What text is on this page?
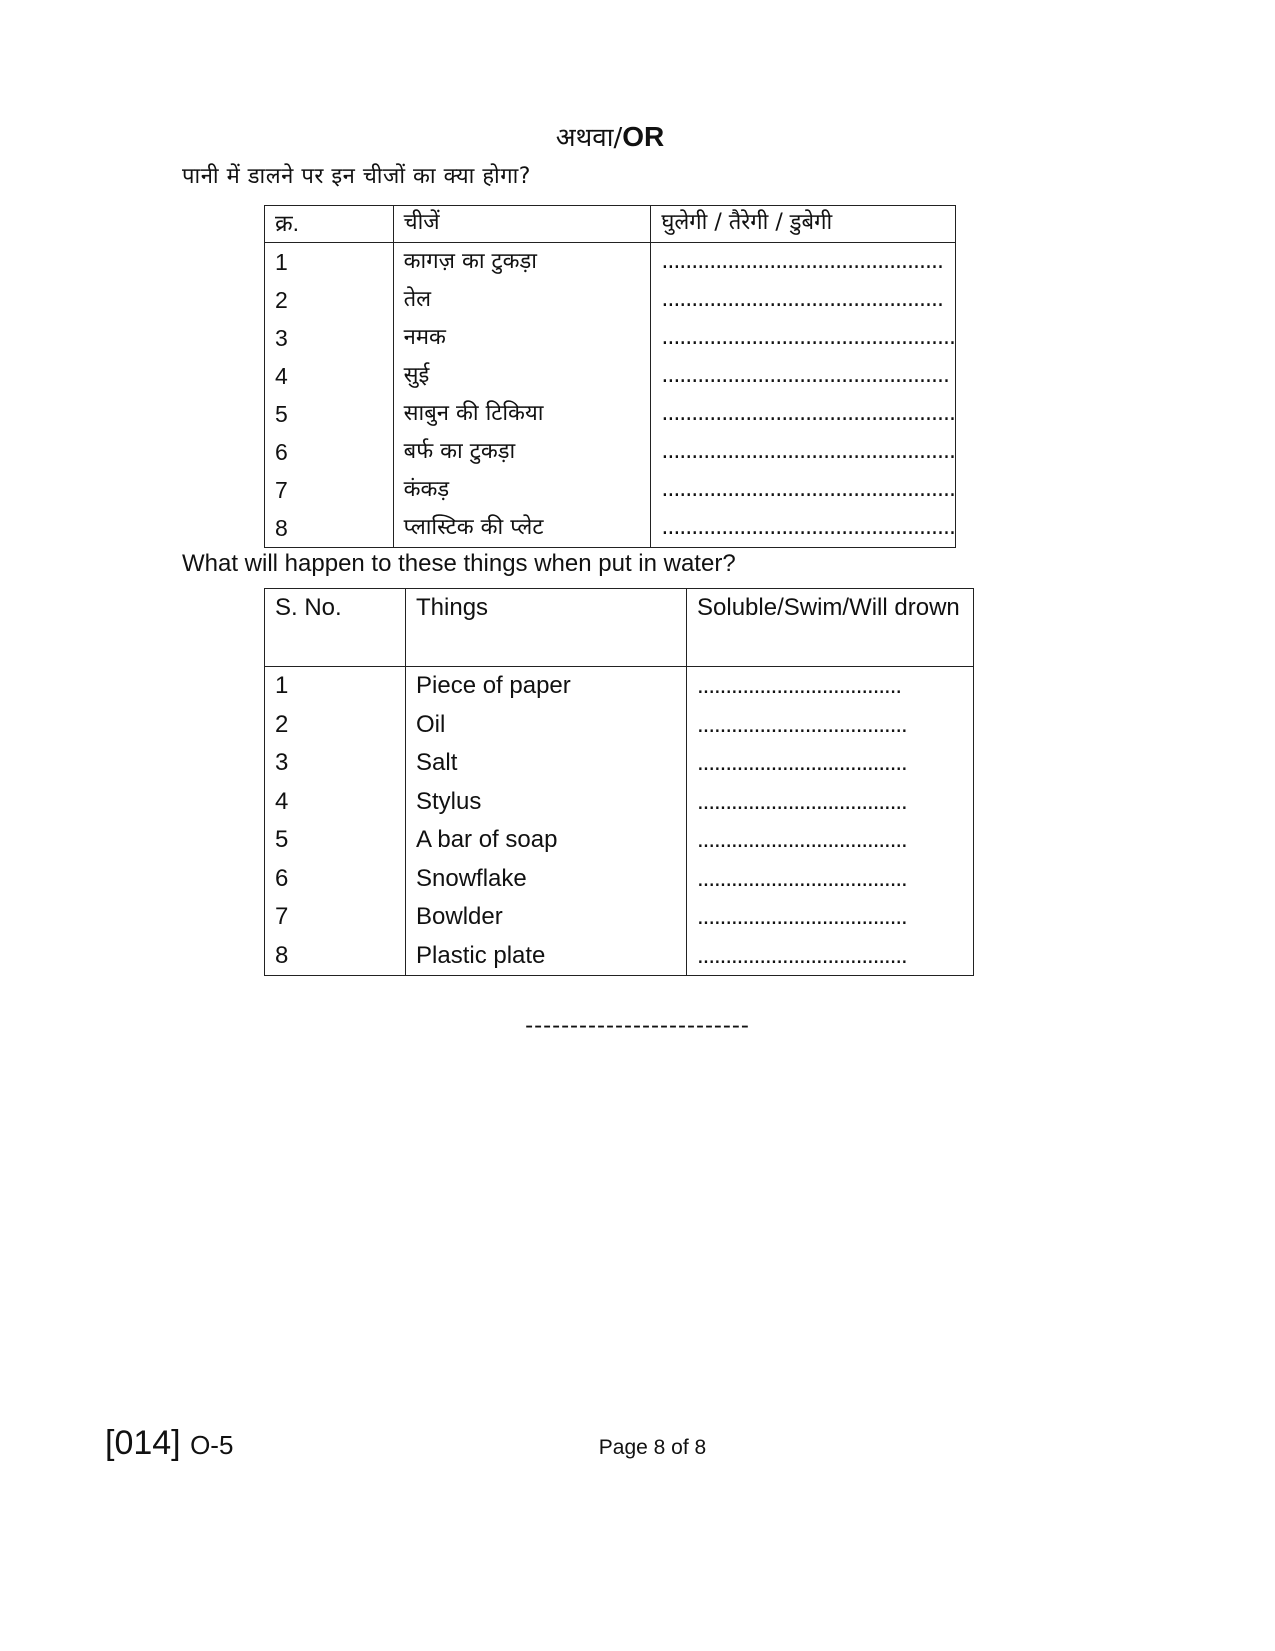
अथवा/OR
पानी में डालने पर इन चीजों का क्या होगा?
क्र.	चीजें	घुलेगी / तैरेगी / डुबेगी
1	कागज़ का टुकड़ा	...............................................
2	तेल	...............................................
3	नमक	.................................................
4	सुई	................................................
5	साबुन की टिकिया	.................................................
6	बर्फ का टुकड़ा	.................................................
7	कंकड़	.................................................
8	प्लास्टिक की प्लेट	.................................................
What will happen to these things when put in water?
S. No.	Things	Soluble/Swim/Will drown
1	Piece of paper	....................................
2	Oil	.....................................
3	Salt	.....................................
4	Stylus	.....................................
5	A bar of soap	.....................................
6	Snowflake	.....................................
7	Bowlder	.....................................
8	Plastic plate	.....................................
-------------------------
[014] O-5	Page 8 of 8
